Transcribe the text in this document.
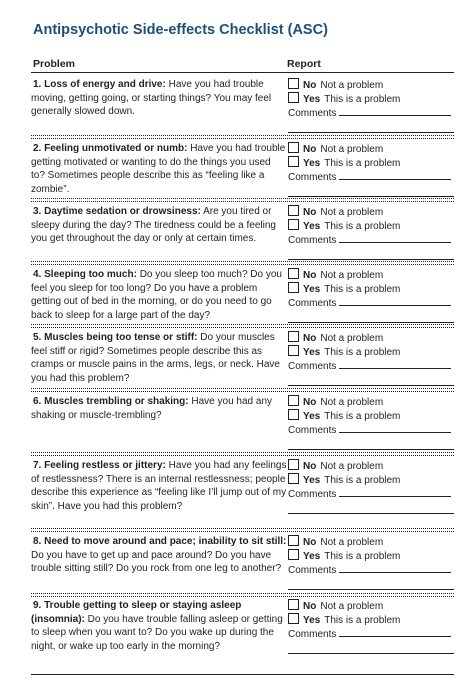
Antipsychotic Side-effects Checklist (ASC)
Problem	Report
1. Loss of energy and drive: Have you had trouble moving, getting going, or starting things? You may feel generally slowed down.
No Not a problem
Yes This is a problem
Comments
2. Feeling unmotivated or numb: Have you had trouble getting motivated or wanting to do the things you used to? Sometimes people describe this as “feeling like a zombie”.
No Not a problem
Yes This is a problem
Comments
3. Daytime sedation or drowsiness: Are you tired or sleepy during the day? The tiredness could be a feeling you get throughout the day or only at certain times.
No Not a problem
Yes This is a problem
Comments
4. Sleeping too much: Do you sleep too much? Do you feel you sleep for too long? Do you have a problem getting out of bed in the morning, or do you need to go back to sleep for a large part of the day?
No Not a problem
Yes This is a problem
Comments
5. Muscles being too tense or stiff: Do your muscles feel stiff or rigid? Sometimes people describe this as cramps or muscle pains in the arms, legs, or neck. Have you had this problem?
No Not a problem
Yes This is a problem
Comments
6. Muscles trembling or shaking: Have you had any shaking or muscle-trembling?
No Not a problem
Yes This is a problem
Comments
7. Feeling restless or jittery: Have you had any feelings of restlessness? There is an internal restlessness; people describe this experience as “feeling like I’ll jump out of my skin”. Have you had this problem?
No Not a problem
Yes This is a problem
Comments
8. Need to move around and pace; inability to sit still: Do you have to get up and pace around? Do you have trouble sitting still? Do you rock from one leg to another?
No Not a problem
Yes This is a problem
Comments
9. Trouble getting to sleep or staying asleep (insomnia): Do you have trouble falling asleep or getting to sleep when you want to? Do you wake up during the night, or wake up too early in the morning?
No Not a problem
Yes This is a problem
Comments
